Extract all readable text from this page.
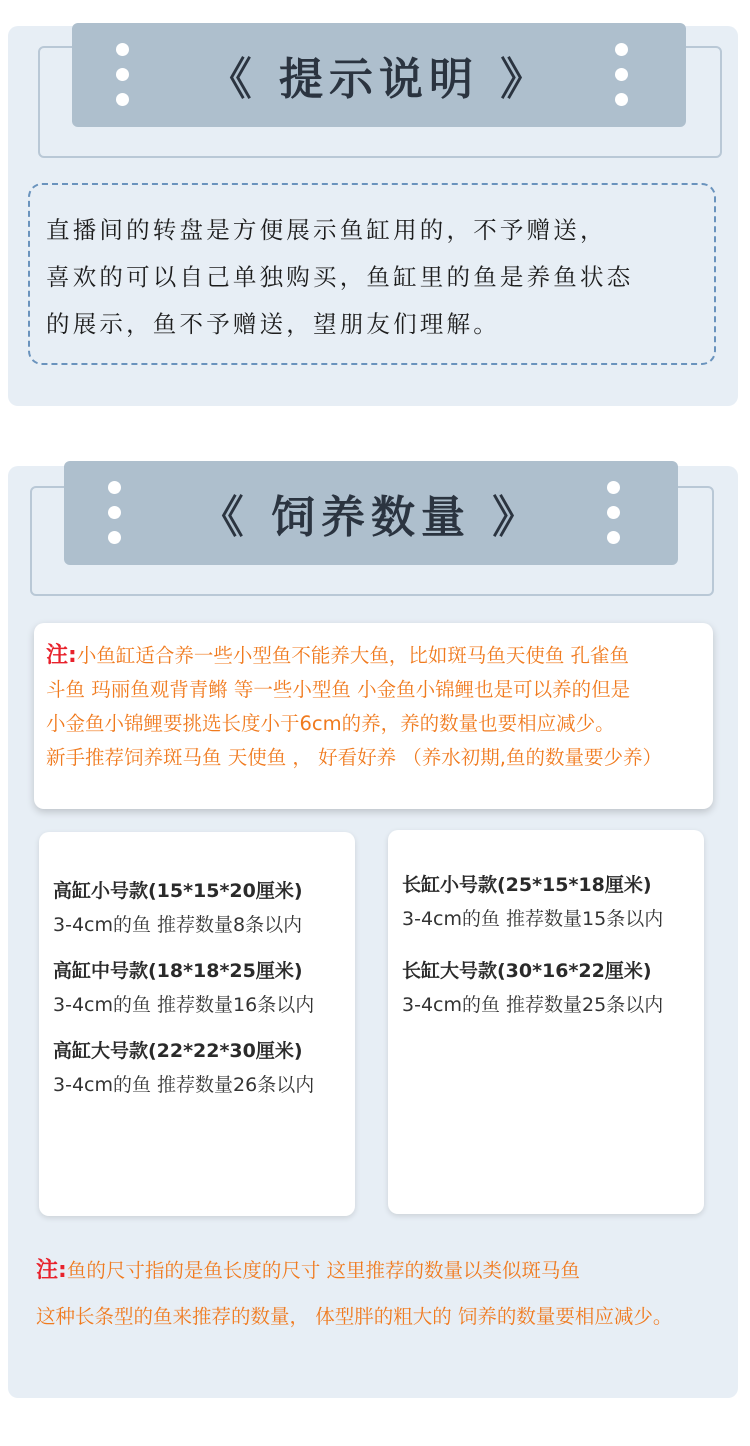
《 提示说明 》

直播间的转盘是方便展示鱼缸用的，不予赠送，

喜欢的可以自己单独购买，鱼缸里的鱼是养鱼状态

的展示，鱼不予赠送，望朋友们理解。

《 饲养数量 》

注:小鱼缸适合养一些小型鱼不能养大鱼，比如斑马鱼天使鱼 孔雀鱼

斗鱼 玛丽鱼观背青鳉 等一些小型鱼 小金鱼小锦鲤也是可以养的但是

小金鱼小锦鲤要挑选长度小于6cm的养，养的数量也要相应减少。

新手推荐饲养斑马鱼 天使鱼 ， 好看好养 （养水初期,鱼的数量要少养）

高缸小号款(15*15*20厘米)
3-4cm的鱼 推荐数量8条以内
高缸中号款(18*18*25厘米)
3-4cm的鱼 推荐数量16条以内
高缸大号款(22*22*30厘米)
3-4cm的鱼 推荐数量26条以内
长缸小号款(25*15*18厘米)
3-4cm的鱼 推荐数量15条以内
长缸大号款(30*16*22厘米)
3-4cm的鱼 推荐数量25条以内

注:鱼的尺寸指的是鱼长度的尺寸 这里推荐的数量以类似斑马鱼

这种长条型的鱼来推荐的数量， 体型胖的粗大的 饲养的数量要相应减少。
